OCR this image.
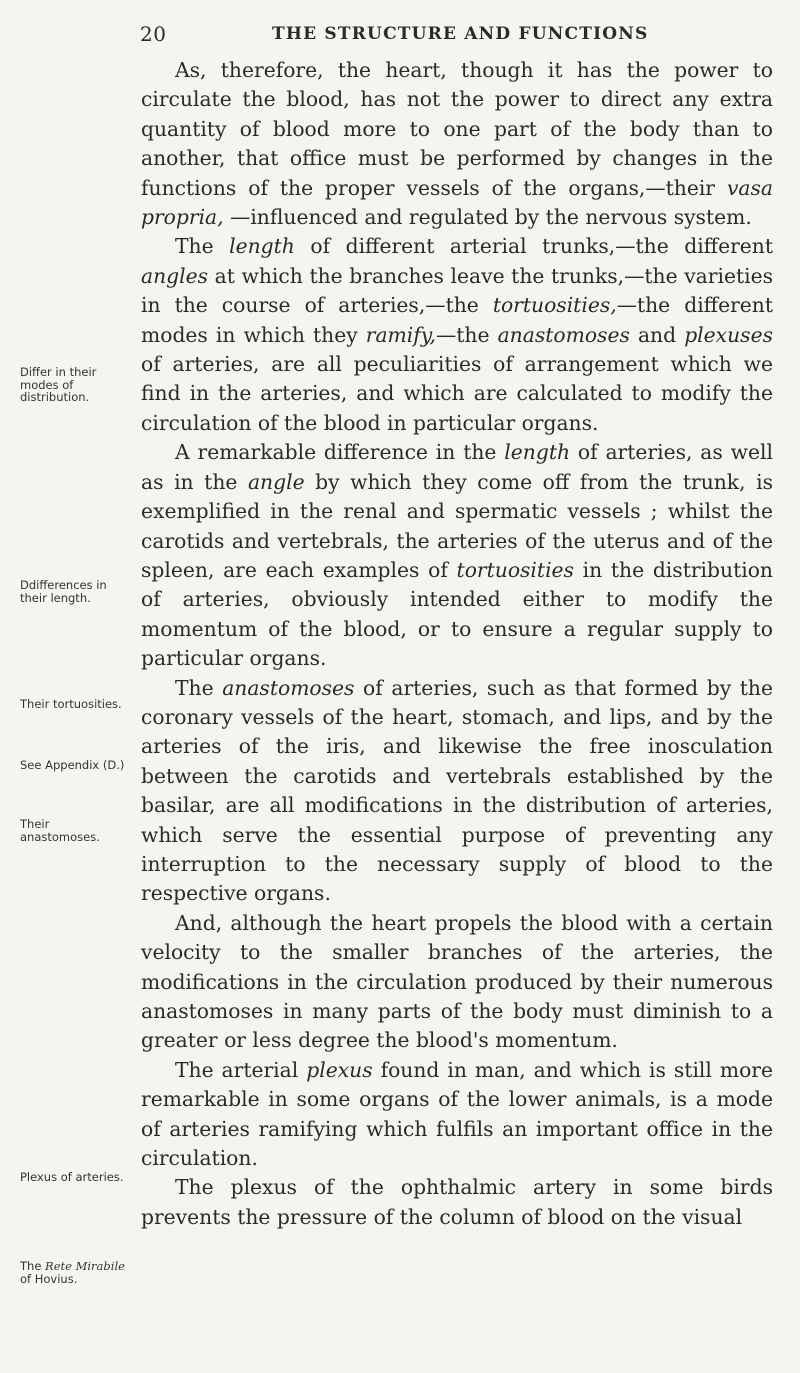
20	THE STRUCTURE AND FUNCTIONS
Differ in their modes of distribution.
Ddifferences in their length.
Their tortuosities.
See Appendix (D.)
Their anastomoses.
Plexus of arteries.
The Rete Mirabile of Hovius.

As, therefore, the heart, though it has the power to circulate the blood, has not the power to direct any extra quantity of blood more to one part of the body than to another, that office must be performed by changes in the functions of the proper vessels of the organs,—their vasa propria, —influenced and regulated by the nervous system.

The length of different arterial trunks,—the different angles at which the branches leave the trunks,—the varieties in the course of arteries,—the tortuosities,—the different modes in which they ramify,—the anastomoses and plexuses of arteries, are all peculiarities of arrangement which we find in the arteries, and which are calculated to modify the circulation of the blood in particular organs.

A remarkable difference in the length of arteries, as well as in the angle by which they come off from the trunk, is exemplified in the renal and spermatic vessels ; whilst the carotids and vertebrals, the arteries of the uterus and of the spleen, are each examples of tortuosities in the distribution of arteries, obviously intended either to modify the momentum of the blood, or to ensure a regular supply to particular organs.

The anastomoses of arteries, such as that formed by the coronary vessels of the heart, stomach, and lips, and by the arteries of the iris, and likewise the free inosculation between the carotids and vertebrals established by the basilar, are all modifications in the distribution of arteries, which serve the essential purpose of preventing any interruption to the necessary supply of blood to the respective organs.

And, although the heart propels the blood with a certain velocity to the smaller branches of the arteries, the modifications in the circulation produced by their numerous anastomoses in many parts of the body must diminish to a greater or less degree the blood's momentum.

The arterial plexus found in man, and which is still more remarkable in some organs of the lower animals, is a mode of arteries ramifying which fulfils an important office in the circulation.

The plexus of the ophthalmic artery in some birds prevents the pressure of the column of blood on the visual
